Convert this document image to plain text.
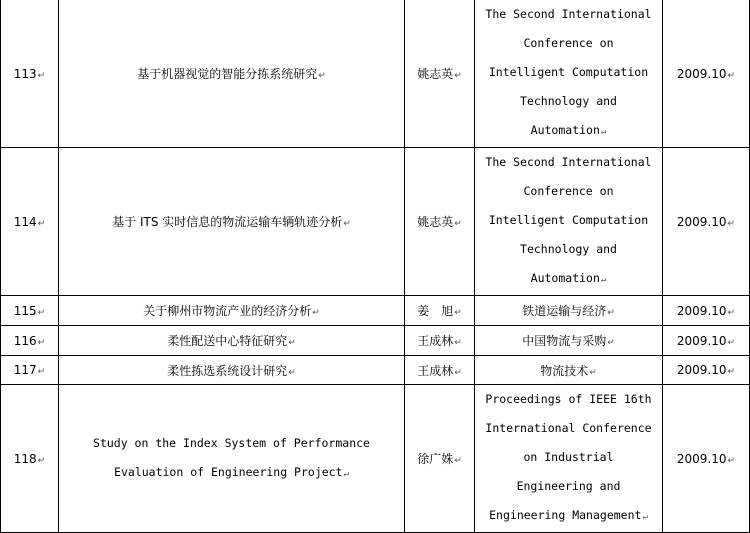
113↵	基于机器视觉的智能分拣系统研究↵	姚志英↵	The Second International
Conference on
Intelligent Computation
Technology and
Automation↵	2009.10↵
114↵	基于 ITS 实时信息的物流运输车辆轨迹分析↵	姚志英↵	The Second International
Conference on
Intelligent Computation
Technology and
Automation↵	2009.10↵
115↵	关于柳州市物流产业的经济分析↵	姜　旭↵	铁道运输与经济↵	2009.10↵
116↵	柔性配送中心特征研究↵	王成林↵	中国物流与采购↵	2009.10↵
117↵	柔性拣选系统设计研究↵	王成林↵	物流技术↵	2009.10↵
118↵	Study on the Index System of Performance
Evaluation of Engineering Project↵	徐广姝↵	Proceedings of IEEE 16th
International Conference
on Industrial
Engineering and
Engineering Management↵	2009.10↵
